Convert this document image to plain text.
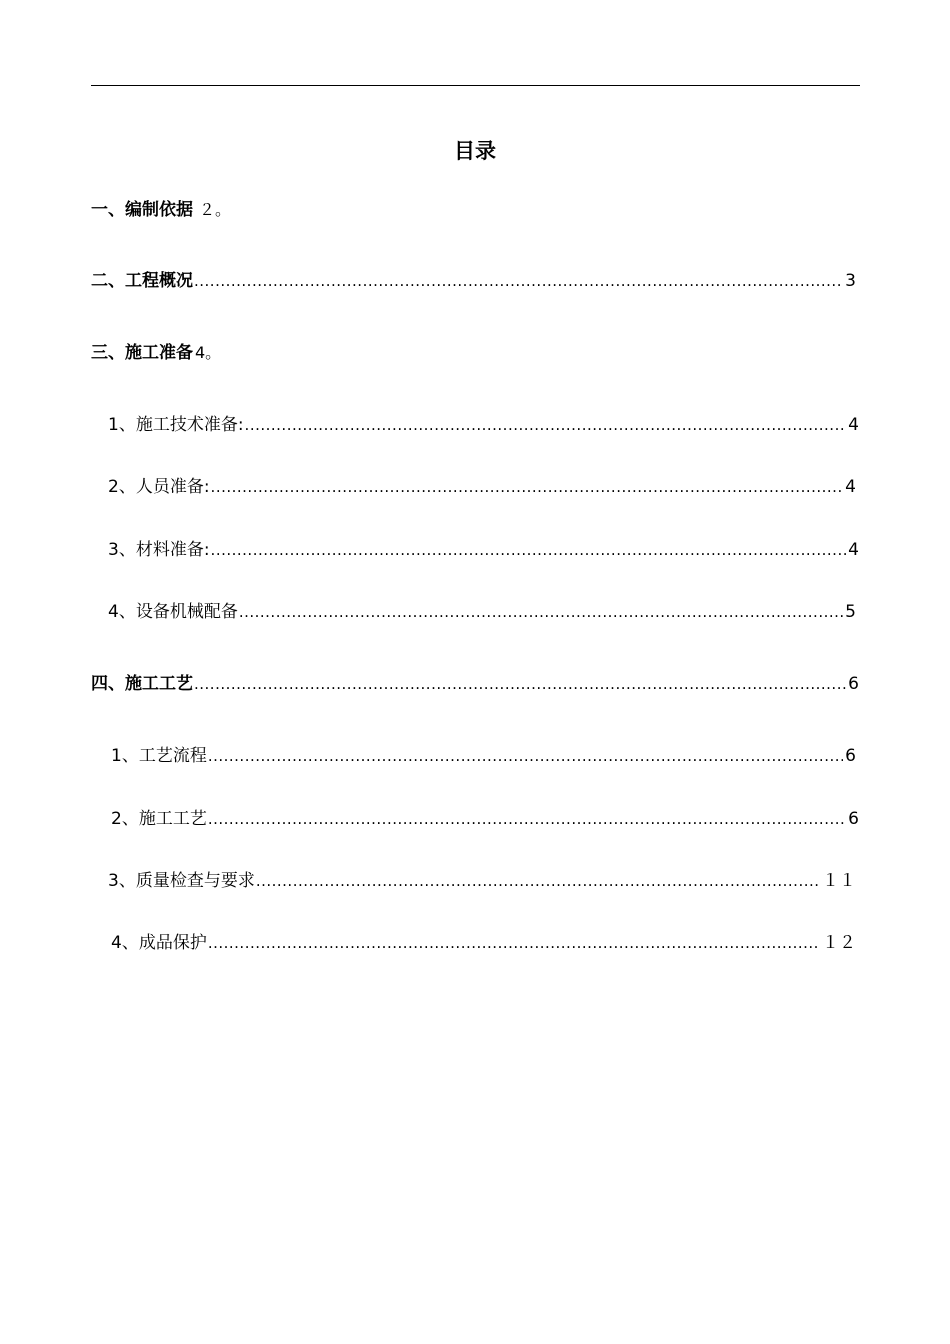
目录
一、编制依据 ２。
二、工程概况 .....	3
三、施工准备 4。
1、施工技术准备: .....	4
2、人员准备: .....	4
3、材料准备: .....	4
4、设备机械配备 .....	5
四、施工工艺 .....	6
1、工艺流程 .....	6
2、施工工艺 .....	6
3、质量检查与要求 .....	１１
4、成品保护 .....	１２
